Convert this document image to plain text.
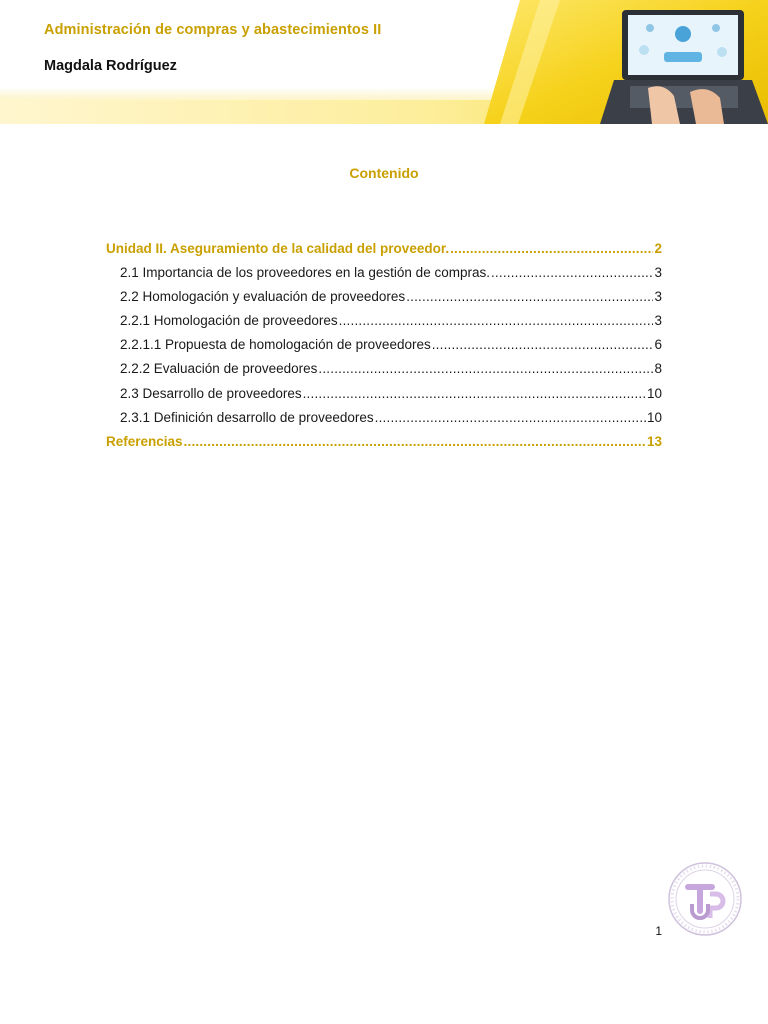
Administración de compras y abastecimientos II
Magdala Rodríguez
Contenido
Unidad II. Aseguramiento de la calidad del proveedor. .....	2
2.1 Importancia de los proveedores en la gestión de compras. .....	3
2.2 Homologación y evaluación de proveedores .....	3
2.2.1 Homologación de proveedores .....	3
2.2.1.1 Propuesta de homologación de proveedores .....	6
2.2.2 Evaluación de proveedores .....	8
2.3 Desarrollo de proveedores .....	10
2.3.1 Definición desarrollo de proveedores .....	10
Referencias .....	13
1
